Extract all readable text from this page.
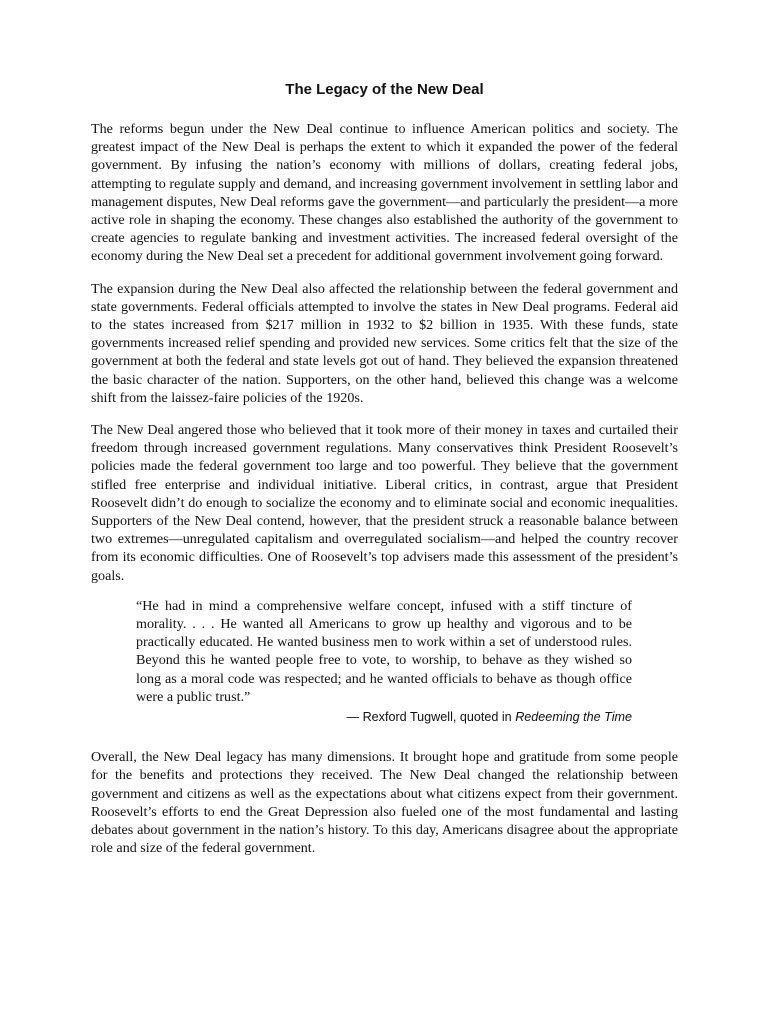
The Legacy of the New Deal

The reforms begun under the New Deal continue to influence American politics and society. The greatest impact of the New Deal is perhaps the extent to which it expanded the power of the federal government. By infusing the nation’s economy with millions of dollars, creating federal jobs, attempting to regulate supply and demand, and increasing government involvement in settling labor and management disputes, New Deal reforms gave the government—and particularly the president—a more active role in shaping the economy. These changes also established the authority of the government to create agencies to regulate banking and investment activities. The increased federal oversight of the economy during the New Deal set a precedent for additional government involvement going forward.

The expansion during the New Deal also affected the relationship between the federal government and state governments. Federal officials attempted to involve the states in New Deal programs. Federal aid to the states increased from $217 million in 1932 to $2 billion in 1935. With these funds, state governments increased relief spending and provided new services. Some critics felt that the size of the government at both the federal and state levels got out of hand. They believed the expansion threatened the basic character of the nation. Supporters, on the other hand, believed this change was a welcome shift from the laissez-faire policies of the 1920s.

The New Deal angered those who believed that it took more of their money in taxes and curtailed their freedom through increased government regulations. Many conservatives think President Roosevelt’s policies made the federal government too large and too powerful. They believe that the government stifled free enterprise and individual initiative. Liberal critics, in contrast, argue that President Roosevelt didn’t do enough to socialize the economy and to eliminate social and economic inequalities. Supporters of the New Deal contend, however, that the president struck a reasonable balance between two extremes—unregulated capitalism and overregulated socialism—and helped the country recover from its economic difficulties. One of Roosevelt’s top advisers made this assessment of the president’s goals.

“He had in mind a comprehensive welfare concept, infused with a stiff tincture of morality. . . . He wanted all Americans to grow up healthy and vigorous and to be practically educated. He wanted business men to work within a set of understood rules. Beyond this he wanted people free to vote, to worship, to behave as they wished so long as a moral code was respected; and he wanted officials to behave as though office were a public trust.”

— Rexford Tugwell, quoted in Redeeming the Time

Overall, the New Deal legacy has many dimensions. It brought hope and gratitude from some people for the benefits and protections they received. The New Deal changed the relationship between government and citizens as well as the expectations about what citizens expect from their government. Roosevelt’s efforts to end the Great Depression also fueled one of the most fundamental and lasting debates about government in the nation’s history. To this day, Americans disagree about the appropriate role and size of the federal government.
